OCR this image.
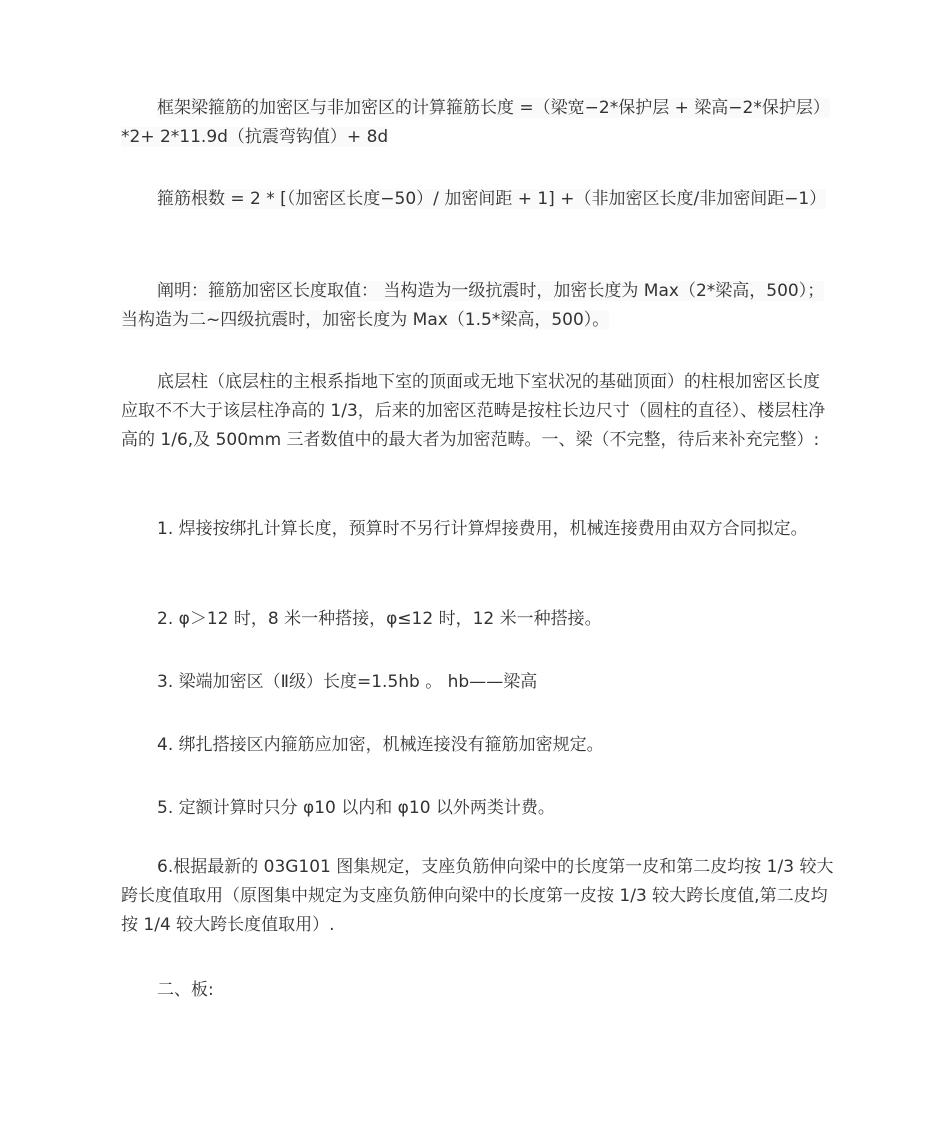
框架梁箍筋的加密区与非加密区的计算箍筋长度 =（梁宽−2*保护层 + 梁高−2*保护层）*2+ 2*11.9d（抗震弯钩值）+ 8d

箍筋根数 = 2 * [（加密区长度−50）/ 加密间距 + 1] +（非加密区长度/非加密间距−1）

阐明：箍筋加密区长度取值： 当构造为一级抗震时，加密长度为 Max（2*梁高，500）；当构造为二~四级抗震时，加密长度为 Max（1.5*梁高，500）。

底层柱（底层柱的主根系指地下室的顶面或无地下室状况的基础顶面）的柱根加密区长度应取不不大于该层柱净高的 1/3，后来的加密区范畴是按柱长边尺寸（圆柱的直径）、楼层柱净高的 1/6,及 500mm 三者数值中的最大者为加密范畴。一、梁（不完整，待后来补充完整）:

1. 焊接按绑扎计算长度，预算时不另行计算焊接费用，机械连接费用由双方合同拟定。

2. φ＞12 时，8 米一种搭接，φ≤12 时，12 米一种搭接。

3. 梁端加密区（Ⅱ级）长度=1.5hb 。 hb——梁高

4. 绑扎搭接区内箍筋应加密，机械连接没有箍筋加密规定。

5. 定额计算时只分 φ10 以内和 φ10 以外两类计费。

6.根据最新的 03G101 图集规定，支座负筋伸向梁中的长度第一皮和第二皮均按 1/3 较大跨长度值取用（原图集中规定为支座负筋伸向梁中的长度第一皮按 1/3 较大跨长度值,第二皮均按 1/4 较大跨长度值取用）.

二、板:
